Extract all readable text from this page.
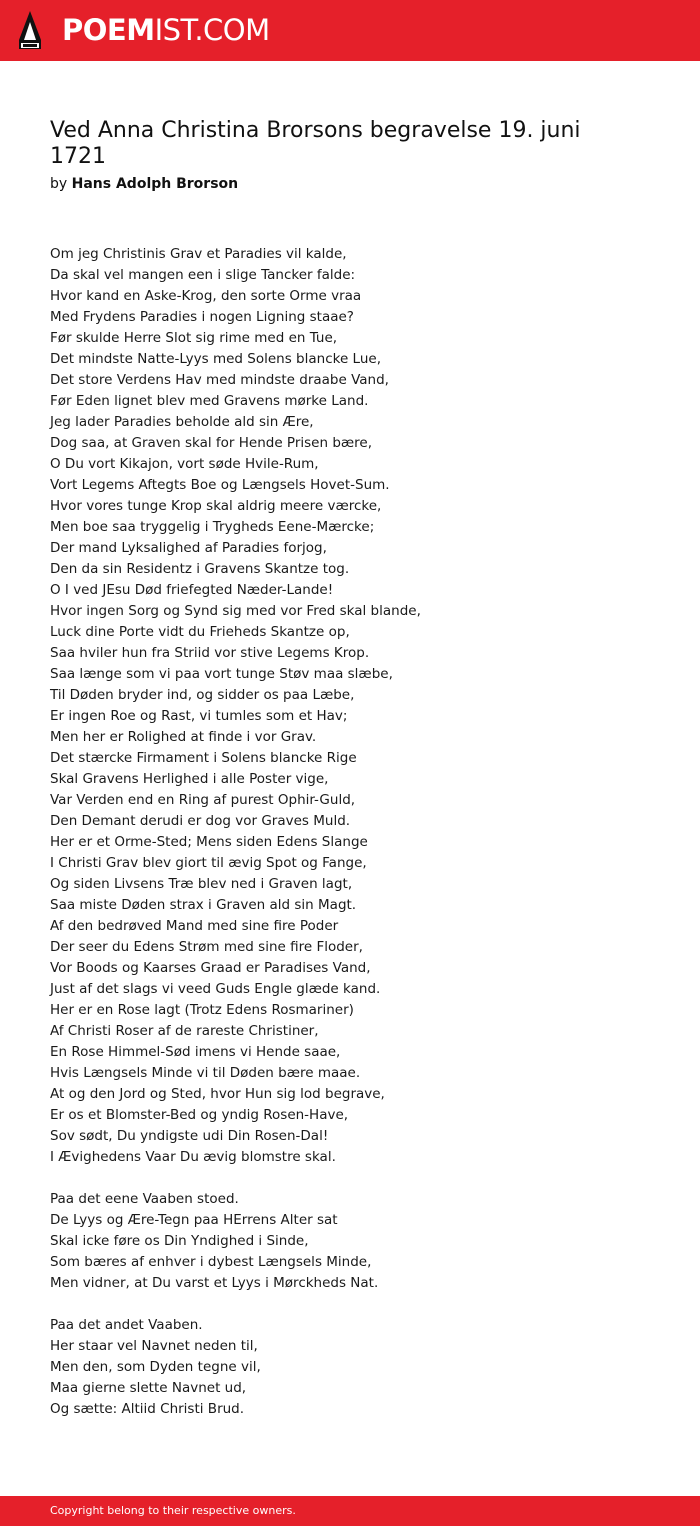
POEMIST.COM
Ved Anna Christina Brorsons begravelse 19. juni 1721
by Hans Adolph Brorson
Om jeg Christinis Grav et Paradies vil kalde,
Da skal vel mangen een i slige Tancker falde:
Hvor kand en Aske-Krog, den sorte Orme vraa
Med Frydens Paradies i nogen Ligning staae?
Før skulde Herre Slot sig rime med en Tue,
Det mindste Natte-Lyys med Solens blancke Lue,
Det store Verdens Hav med mindste draabe Vand,
Før Eden lignet blev med Gravens mørke Land.
Jeg lader Paradies beholde ald sin Ære,
Dog saa, at Graven skal for Hende Prisen bære,
O Du vort Kikajon, vort søde Hvile-Rum,
Vort Legems Aftegts Boe og Længsels Hovet-Sum.
Hvor vores tunge Krop skal aldrig meere værcke,
Men boe saa tryggelig i Trygheds Eene-Mærcke;
Der mand Lyksalighed af Paradies forjog,
Den da sin Residentz i Gravens Skantze tog.
O I ved JEsu Død friefegted Næder-Lande!
Hvor ingen Sorg og Synd sig med vor Fred skal blande,
Luck dine Porte vidt du Frieheds Skantze op,
Saa hviler hun fra Striid vor stive Legems Krop.
Saa længe som vi paa vort tunge Støv maa slæbe,
Til Døden bryder ind, og sidder os paa Læbe,
Er ingen Roe og Rast, vi tumles som et Hav;
Men her er Rolighed at finde i vor Grav.
Det stærcke Firmament i Solens blancke Rige
Skal Gravens Herlighed i alle Poster vige,
Var Verden end en Ring af purest Ophir-Guld,
Den Demant derudi er dog vor Graves Muld.
Her er et Orme-Sted; Mens siden Edens Slange
I Christi Grav blev giort til ævig Spot og Fange,
Og siden Livsens Træ blev ned i Graven lagt,
Saa miste Døden strax i Graven ald sin Magt.
Af den bedrøved Mand med sine fire Poder
Der seer du Edens Strøm med sine fire Floder,
Vor Boods og Kaarses Graad er Paradises Vand,
Just af det slags vi veed Guds Engle glæde kand.
Her er en Rose lagt (Trotz Edens Rosmariner)
Af Christi Roser af de rareste Christiner,
En Rose Himmel-Sød imens vi Hende saae,
Hvis Længsels Minde vi til Døden bære maae.
At og den Jord og Sted, hvor Hun sig lod begrave,
Er os et Blomster-Bed og yndig Rosen-Have,
Sov sødt, Du yndigste udi Din Rosen-Dal!
I Ævighedens Vaar Du ævig blomstre skal.
Paa det eene Vaaben stoed.
De Lyys og Ære-Tegn paa HErrens Alter sat
Skal icke føre os Din Yndighed i Sinde,
Som bæres af enhver i dybest Længsels Minde,
Men vidner, at Du varst et Lyys i Mørckheds Nat.
Paa det andet Vaaben.
Her staar vel Navnet neden til,
Men den, som Dyden tegne vil,
Maa gierne slette Navnet ud,
Og sætte: Altiid Christi Brud.
Copyright belong to their respective owners.
